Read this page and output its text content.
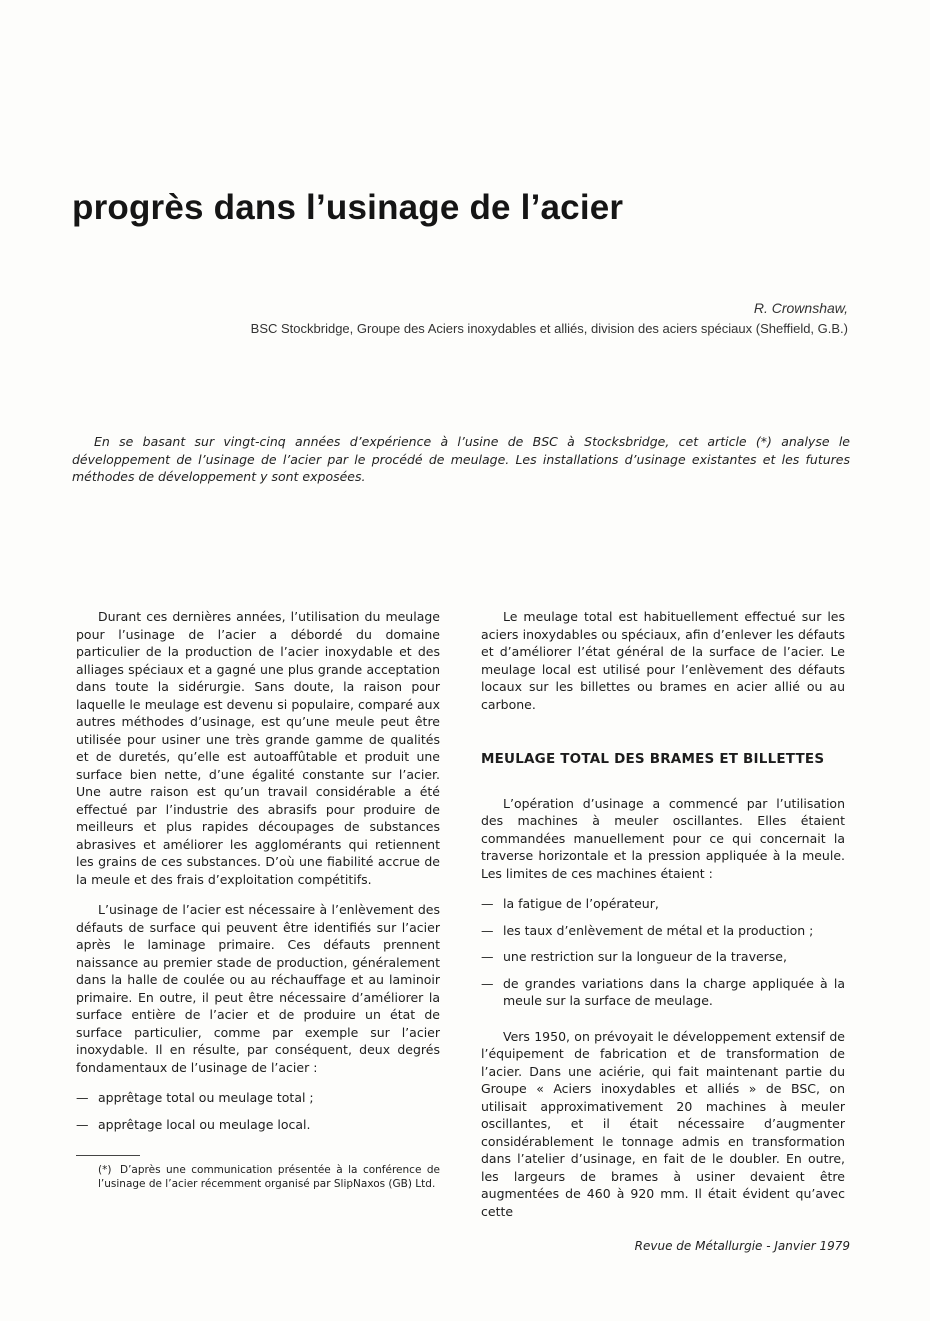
progrès dans l’usinage de l’acier
R. Crownshaw,
BSC Stockbridge, Groupe des Aciers inoxydables et alliés, division des aciers spéciaux (Sheffield, G.B.)

En se basant sur vingt-cinq années d’expérience à l’usine de BSC à Stocksbridge, cet article (*) analyse le développement de l’usinage de l’acier par le procédé de meulage. Les installations d’usinage existantes et les futures méthodes de développement y sont exposées.

Durant ces dernières années, l’utilisation du meulage pour l’usinage de l’acier a débordé du domaine particulier de la production de l’acier inoxydable et des alliages spéciaux et a gagné une plus grande acceptation dans toute la sidérurgie. Sans doute, la raison pour laquelle le meulage est devenu si populaire, comparé aux autres méthodes d’usinage, est qu’une meule peut être utilisée pour usiner une très grande gamme de qualités et de duretés, qu’elle est autoaffûtable et produit une surface bien nette, d’une égalité constante sur l’acier. Une autre raison est qu’un travail considérable a été effectué par l’industrie des abrasifs pour produire de meilleurs et plus rapides découpages de substances abrasives et améliorer les agglomérants qui retiennent les grains de ces substances. D’où une fiabilité accrue de la meule et des frais d’exploitation compétitifs.

L’usinage de l’acier est nécessaire à l’enlèvement des défauts de surface qui peuvent être identifiés sur l’acier après le laminage primaire. Ces défauts prennent naissance au premier stade de production, généralement dans la halle de coulée ou au réchauffage et au laminoir primaire. En outre, il peut être nécessaire d’améliorer la surface entière de l’acier et de produire un état de surface particulier, comme par exemple sur l’acier inoxydable. Il en résulte, par conséquent, deux degrés fondamentaux de l’usinage de l’acier :

— apprêtage total ou meulage total ;

— apprêtage local ou meulage local.

(*) D’après une communication présentée à la conférence de l’usinage de l’acier récemment organisé par SlipNaxos (GB) Ltd.

Le meulage total est habituellement effectué sur les aciers inoxydables ou spéciaux, afin d’enlever les défauts et d’améliorer l’état général de la surface de l’acier. Le meulage local est utilisé pour l’enlèvement des défauts locaux sur les billettes ou brames en acier allié ou au carbone.

MEULAGE TOTAL DES BRAMES ET BILLETTES

L’opération d’usinage a commencé par l’utilisation des machines à meuler oscillantes. Elles étaient commandées manuellement pour ce qui concernait la traverse horizontale et la pression appliquée à la meule. Les limites de ces machines étaient :

— la fatigue de l’opérateur,

— les taux d’enlèvement de métal et la production ;

— une restriction sur la longueur de la traverse,

— de grandes variations dans la charge appliquée à la meule sur la surface de meulage.

Vers 1950, on prévoyait le développement extensif de l’équipement de fabrication et de transformation de l’acier. Dans une aciérie, qui fait maintenant partie du Groupe « Aciers inoxydables et alliés » de BSC, on utilisait approximativement 20 machines à meuler oscillantes, et il était nécessaire d’augmenter considérablement le tonnage admis en transformation dans l’atelier d’usinage, en fait de le doubler. En outre, les largeurs de brames à usiner devaient être augmentées de 460 à 920 mm. Il était évident qu’avec cette

Revue de Métallurgie - Janvier 1979
